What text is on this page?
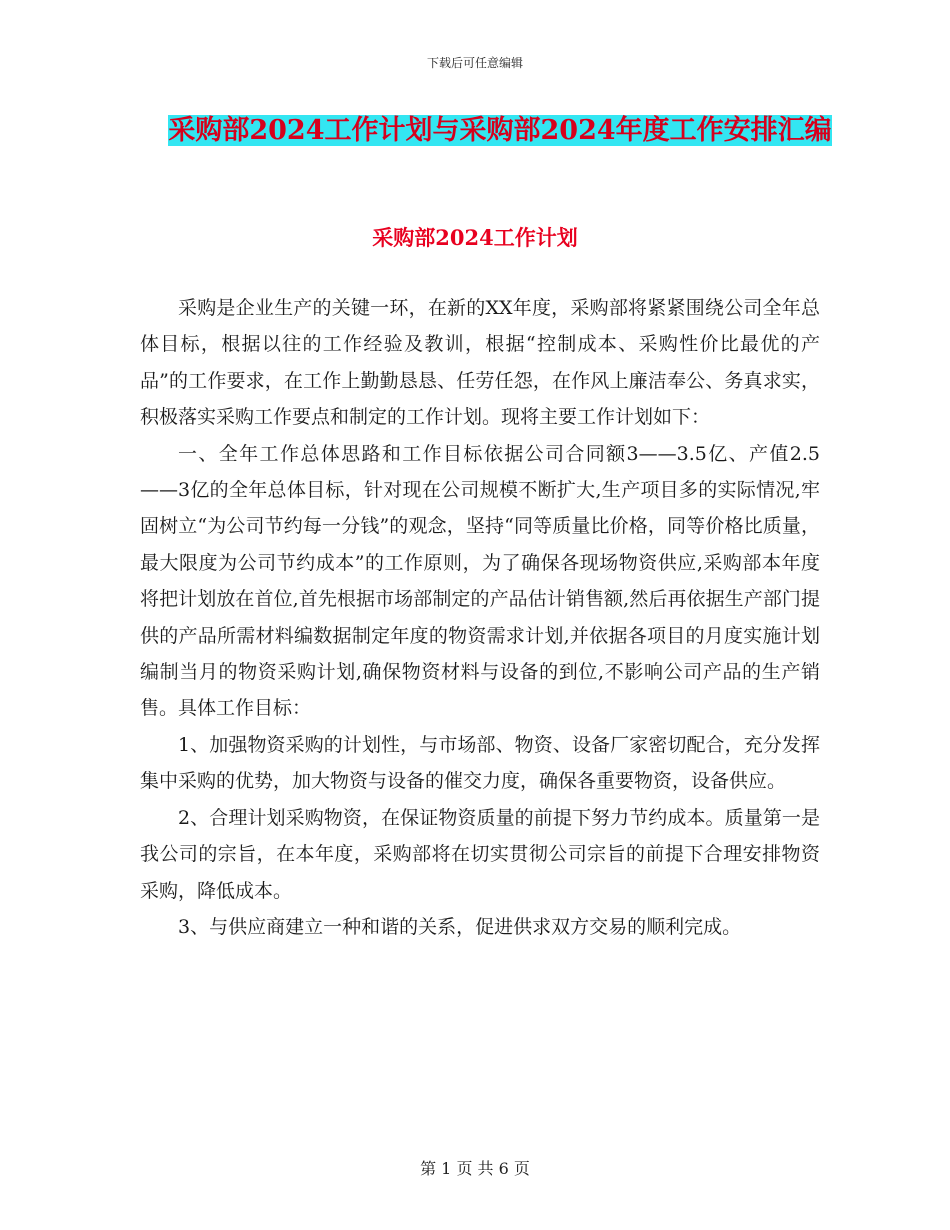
下载后可任意编辑
采购部2024工作计划与采购部2024年度工作安排汇编
采购部2024工作计划

采购是企业生产的关键一环，在新的XX年度，采购部将紧紧围绕公司全年总体目标，根据以往的工作经验及教训，根据“控制成本、采购性价比最优的产品”的工作要求，在工作上勤勤恳恳、任劳任怨，在作风上廉洁奉公、务真求实，积极落实采购工作要点和制定的工作计划。现将主要工作计划如下：

一、全年工作总体思路和工作目标依据公司合同额3——3.5亿、产值2.5——3亿的全年总体目标，针对现在公司规模不断扩大,生产项目多的实际情况,牢固树立“为公司节约每一分钱”的观念，坚持“同等质量比价格，同等价格比质量，最大限度为公司节约成本”的工作原则，为了确保各现场物资供应,采购部本年度将把计划放在首位,首先根据市场部制定的产品估计销售额,然后再依据生产部门提供的产品所需材料编数据制定年度的物资需求计划,并依据各项目的月度实施计划编制当月的物资采购计划,确保物资材料与设备的到位,不影响公司产品的生产销售。具体工作目标：

1、加强物资采购的计划性，与市场部、物资、设备厂家密切配合，充分发挥集中采购的优势，加大物资与设备的催交力度，确保各重要物资，设备供应。

2、合理计划采购物资，在保证物资质量的前提下努力节约成本。质量第一是我公司的宗旨，在本年度，采购部将在切实贯彻公司宗旨的前提下合理安排物资采购，降低成本。

3、与供应商建立一种和谐的关系，促进供求双方交易的顺利完成。

第 1 页 共 6 页
